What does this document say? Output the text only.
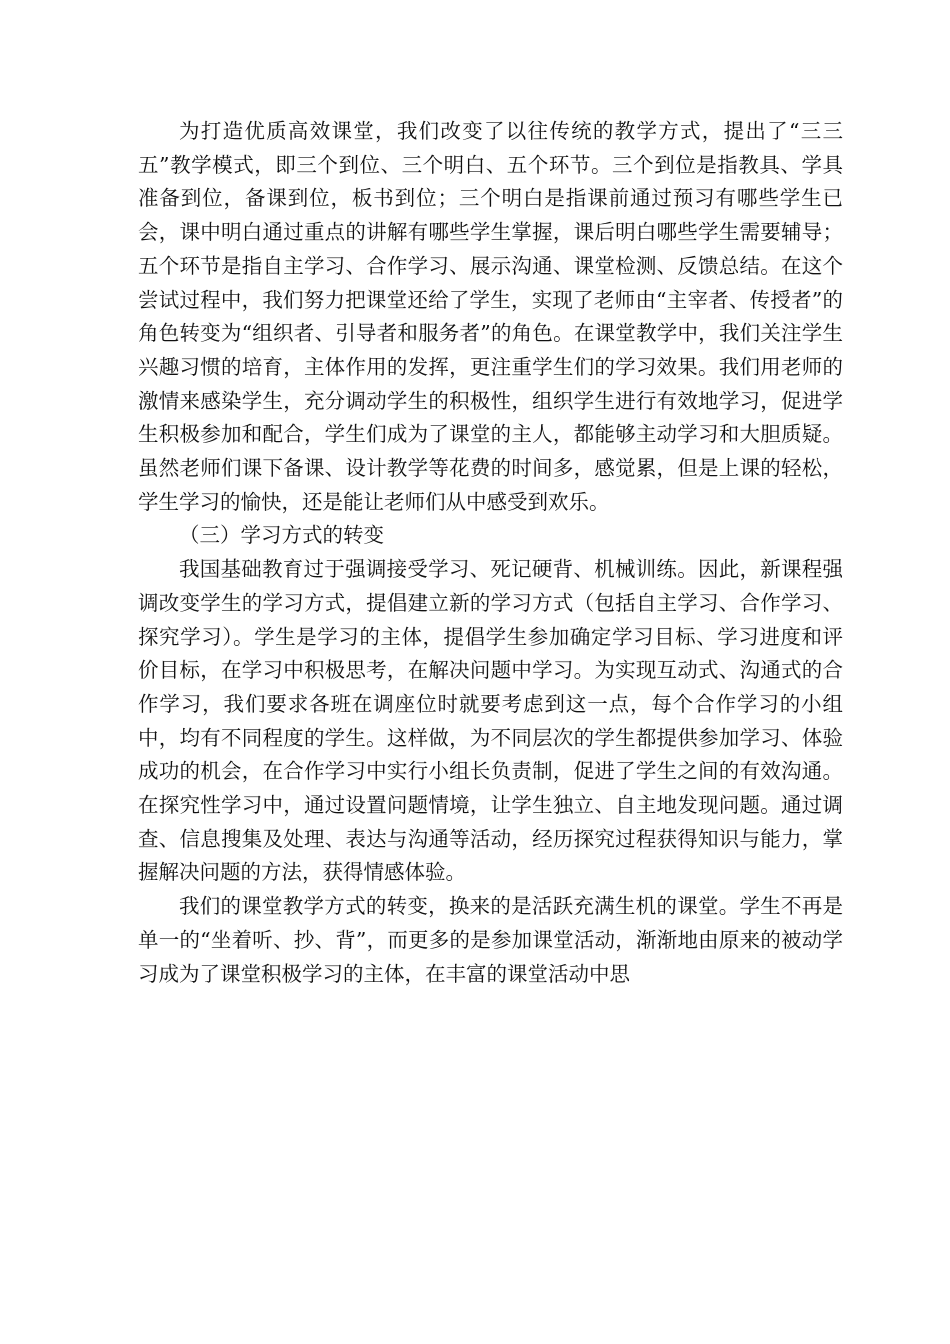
为打造优质高效课堂，我们改变了以往传统的教学方式，提出了“三三五”教学模式，即三个到位、三个明白、五个环节。三个到位是指教具、学具准备到位，备课到位，板书到位；三个明白是指课前通过预习有哪些学生已会，课中明白通过重点的讲解有哪些学生掌握，课后明白哪些学生需要辅导；五个环节是指自主学习、合作学习、展示沟通、课堂检测、反馈总结。在这个尝试过程中，我们努力把课堂还给了学生，实现了老师由“主宰者、传授者”的角色转变为“组织者、引导者和服务者”的角色。在课堂教学中，我们关注学生兴趣习惯的培育，主体作用的发挥，更注重学生们的学习效果。我们用老师的激情来感染学生，充分调动学生的积极性，组织学生进行有效地学习，促进学生积极参加和配合，学生们成为了课堂的主人，都能够主动学习和大胆质疑。虽然老师们课下备课、设计教学等花费的时间多，感觉累，但是上课的轻松，学生学习的愉快，还是能让老师们从中感受到欢乐。

（三）学习方式的转变

我国基础教育过于强调接受学习、死记硬背、机械训练。因此，新课程强调改变学生的学习方式，提倡建立新的学习方式（包括自主学习、合作学习、探究学习）。学生是学习的主体，提倡学生参加确定学习目标、学习进度和评价目标，在学习中积极思考，在解决问题中学习。为实现互动式、沟通式的合作学习，我们要求各班在调座位时就要考虑到这一点，每个合作学习的小组中，均有不同程度的学生。这样做，为不同层次的学生都提供参加学习、体验成功的机会，在合作学习中实行小组长负责制，促进了学生之间的有效沟通。在探究性学习中，通过设置问题情境，让学生独立、自主地发现问题。通过调查、信息搜集及处理、表达与沟通等活动，经历探究过程获得知识与能力，掌握解决问题的方法，获得情感体验。

我们的课堂教学方式的转变，换来的是活跃充满生机的课堂。学生不再是单一的“坐着听、抄、背”，而更多的是参加课堂活动，渐渐地由原来的被动学习成为了课堂积极学习的主体，在丰富的课堂活动中思
